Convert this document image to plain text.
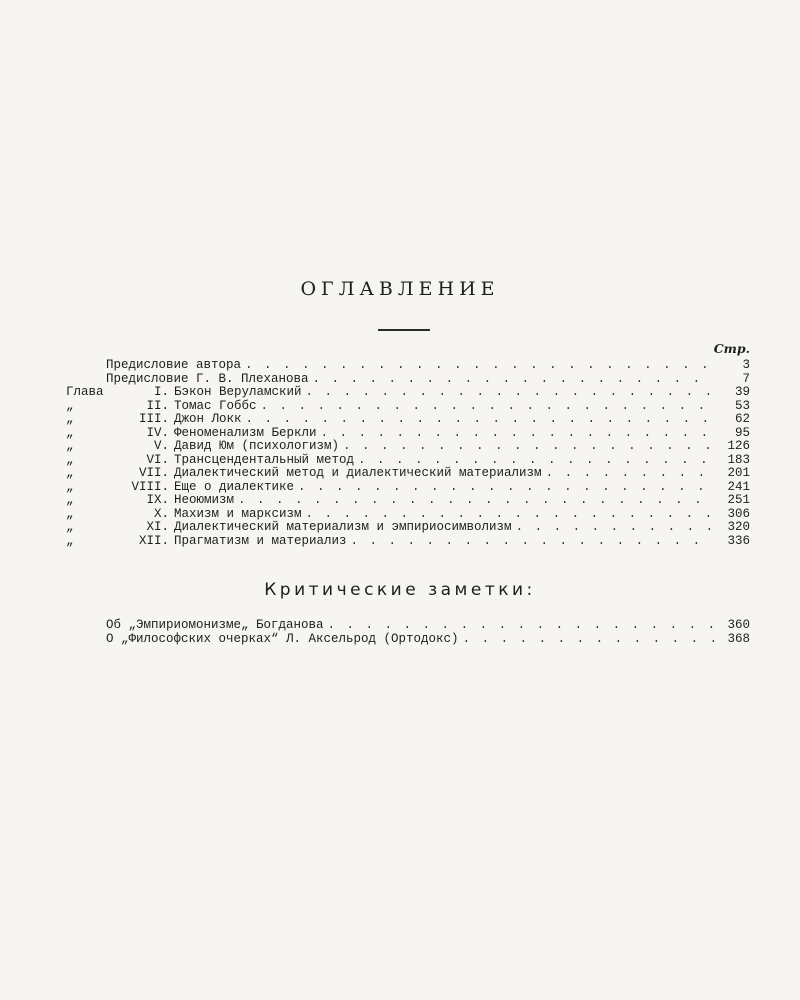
ОГЛАВЛЕНИЕ
Стр.
Предисловие автора . . .	3
Предисловие Г. В. Плеханова . . .	7
Глава	I. Бэкон Веруламский . . .	39
„	II. Томас Гоббс . . .	53
„	III. Джон Локк . . .	62
„	IV. Феноменализм Беркли . . .	95
„	V. Давид Юм (психологизм) . . .	126
„	VI. Трансцендентальный метод . . .	183
„	VII. Диалектический метод и диалектический материализм . . .	201
„	VIII. Еще о диалектике . . .	241
„	IX. Неоюмизм . . .	251
„	X. Махизм и марксизм . . .	306
„	XI. Диалектический материализм и эмпириосимволизм . . .	320
„	XII. Прагматизм и материализ . . .	336
Критические заметки:
Об „Эмпириомонизме„ Богданова . . .	360
О „Философских очерках“ Л. Аксельрод (Ортодокс) . . .	368
